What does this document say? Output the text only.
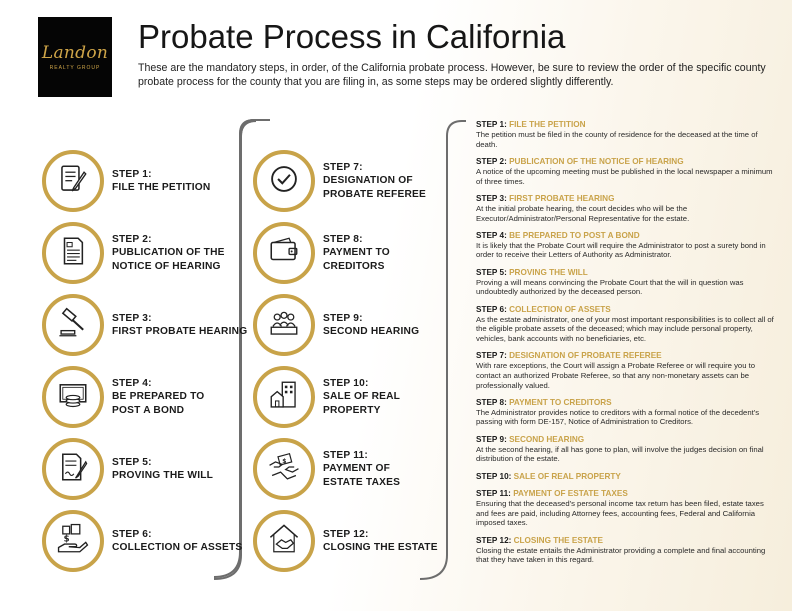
Landon
REALTY GROUP
Probate Process in California
These are the mandatory steps, in order, of the California probate process. However, be sure to review the order of the specific county probate process for the county that you are filing in, as some steps may be ordered slightly differently.
STEP 1:
FILE THE PETITION
STEP 2:
PUBLICATION OF THE
NOTICE OF HEARING
STEP 3:
FIRST PROBATE HEARING
STEP 4:
BE PREPARED TO
POST A BOND
STEP 5:
PROVING THE WILL
$	STEP 6:
COLLECTION OF ASSETS
STEP 7:
DESIGNATION OF
PROBATE REFEREE
STEP 8:
PAYMENT TO
CREDITORS
STEP 9:
SECOND HEARING
STEP 10:
SALE OF REAL
PROPERTY
$	STEP 11:
PAYMENT OF
ESTATE TAXES
STEP 12:
CLOSING THE ESTATE
STEP 1: FILE THE PETITION
The petition must be filed in the county of residence for the deceased at the time of death.
STEP 2: PUBLICATION OF THE NOTICE OF HEARING
A notice of the upcoming meeting must be published in the local newspaper a minimum of three times.
STEP 3: FIRST PROBATE HEARING
At the initial probate hearing, the court decides who will be the Executor/Administrator/Personal Representative for the estate.
STEP 4: BE PREPARED TO POST A BOND
It is likely that the Probate Court will require the Administrator to post a surety bond in order to receive their Letters of Authority as Administrator.
STEP 5: PROVING THE WILL
Proving a will means convincing the Probate Court that the will in question was undoubtedly authorized by the deceased person.
STEP 6: COLLECTION OF ASSETS
As the estate administrator, one of your most important responsibilities is to collect all of the eligible probate assets of the deceased; which may include personal property, vehicles, bank accounts with no beneficiaries, etc.
STEP 7: DESIGNATION OF PROBATE REFEREE
With rare exceptions, the Court will assign a Probate Referee or will require you to contact an authorized Probate Referee, so that any non-monetary assets can be professionally valued.
STEP 8: PAYMENT TO CREDITORS
The Administrator provides notice to creditors with a formal notice of the decedent's passing with form DE-157, Notice of Administration to Creditors.
STEP 9: SECOND HEARING
At the second hearing, if all has gone to plan, will involve the judges decision on final distribution of the estate.
STEP 10: SALE OF REAL PROPERTY
STEP 11: PAYMENT OF ESTATE TAXES
Ensuring that the deceased's personal income tax return has been filed, estate taxes and fees are paid, including Attorney fees, accounting fees, Federal and California imposed taxes.
STEP 12: CLOSING THE ESTATE
Closing the estate entails the Administrator providing a complete and final accounting that they have taken in this regard.
